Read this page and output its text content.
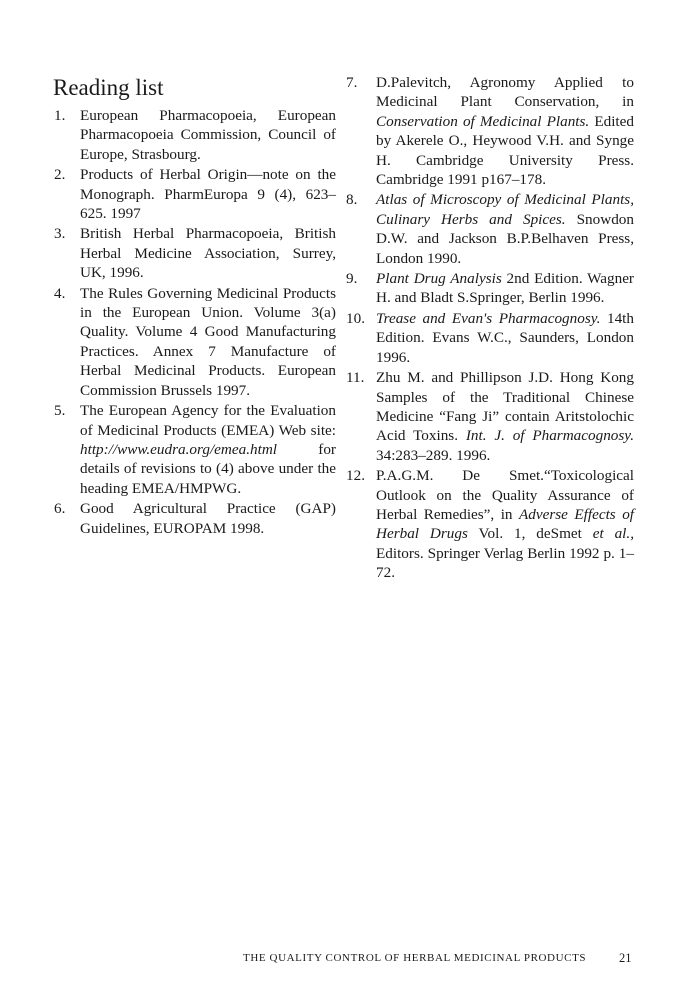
Reading list
1. European Pharmacopoeia, European Pharmacopoeia Commission, Council of Europe, Strasbourg.
2. Products of Herbal Origin—note on the Monograph. PharmEuropa 9 (4), 623–625. 1997
3. British Herbal Pharmacopoeia, British Herbal Medicine Association, Surrey, UK, 1996.
4. The Rules Governing Medicinal Products in the European Union. Volume 3(a) Quality. Volume 4 Good Manufacturing Practices. Annex 7 Manufacture of Herbal Medicinal Products. European Commission Brussels 1997.
5. The European Agency for the Evaluation of Medicinal Products (EMEA) Web site: http://www.eudra.org/emea.html for details of revisions to (4) above under the heading EMEA/HMPWG.
6. Good Agricultural Practice (GAP) Guidelines, EUROPAM 1998.
7.	D.Palevitch, Agronomy Applied to Medicinal Plant Conservation, in Conservation of Medicinal Plants. Edited by Akerele O., Heywood V.H. and Synge H. Cambridge University Press. Cambridge 1991 p167–178.
8.	Atlas of Microscopy of Medicinal Plants, Culinary Herbs and Spices. Snowdon D.W. and Jackson B.P.Belhaven Press, London 1990.
9.	Plant Drug Analysis 2nd Edition. Wagner H. and Bladt S.Springer, Berlin 1996.
10. Trease and Evan's Pharmacognosy. 14th Edition. Evans W.C., Saunders, London 1996.
11. Zhu M. and Phillipson J.D. Hong Kong Samples of the Traditional Chinese Medicine “Fang Ji” contain Aritstolochic Acid Toxins. Int. J. of Pharmacognosy. 34:283–289. 1996.
12. P.A.G.M. De Smet.“Toxicological Outlook on the Quality Assurance of Herbal Remedies”, in Adverse Effects of Herbal Drugs Vol. 1, deSmet et al., Editors. Springer Verlag Berlin 1992 p. 1–72.
THE QUALITY CONTROL OF HERBAL MEDICINAL PRODUCTS	21
